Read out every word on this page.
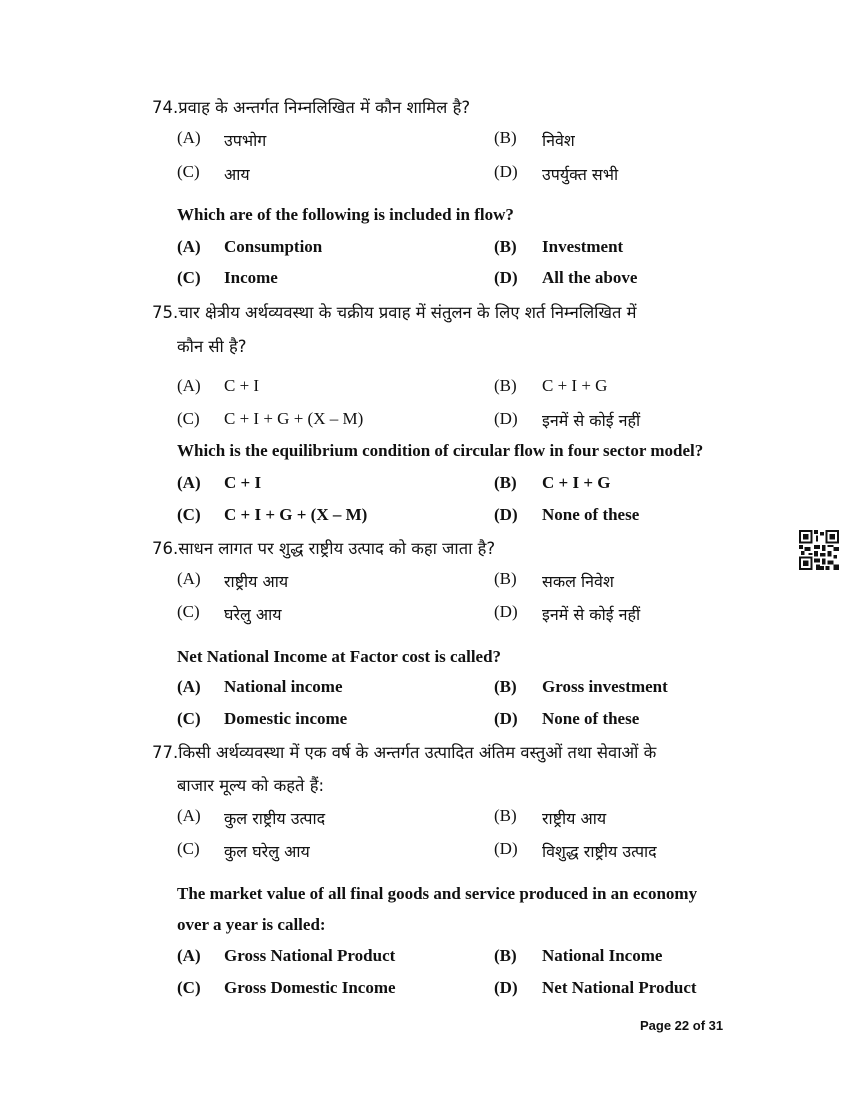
74.प्रवाह के अन्तर्गत निम्नलिखित में कौन शामिल है?
(A) उपभोग	(B) निवेश
(C) आय	(D) उपर्युक्त सभी
Which are of the following is included in flow?
(A) Consumption	(B) Investment
(C) Income	(D) All the above
75.चार क्षेत्रीय अर्थव्यवस्था के चक्रीय प्रवाह में संतुलन के लिए शर्त निम्नलिखित में
कौन सी है?
(A) C + I	(B) C + I + G
(C) C + I + G + (X – M)	(D) इनमें से कोई नहीं
Which is the equilibrium condition of circular flow in four sector model?
(A) C + I	(B) C + I + G
(C) C + I + G + (X – M)	(D) None of these
76.साधन लागत पर शुद्ध राष्ट्रीय उत्पाद को कहा जाता है?
(A) राष्ट्रीय आय	(B) सकल निवेश
(C) घरेलु आय	(D) इनमें से कोई नहीं
Net National Income at Factor cost is called?
(A) National income	(B) Gross investment
(C) Domestic income	(D) None of these
77.किसी अर्थव्यवस्था में एक वर्ष के अन्तर्गत उत्पादित अंतिम वस्तुओं तथा सेवाओं के
बाजार मूल्य को कहते हैं:
(A) कुल राष्ट्रीय उत्पाद	(B) राष्ट्रीय आय
(C) कुल घरेलु आय	(D) विशुद्ध राष्ट्रीय उत्पाद
The market value of all final goods and service produced in an economy
over a year is called:
(A) Gross National Product	(B) National Income
(C) Gross Domestic Income	(D) Net National Product
Page 22 of 31
